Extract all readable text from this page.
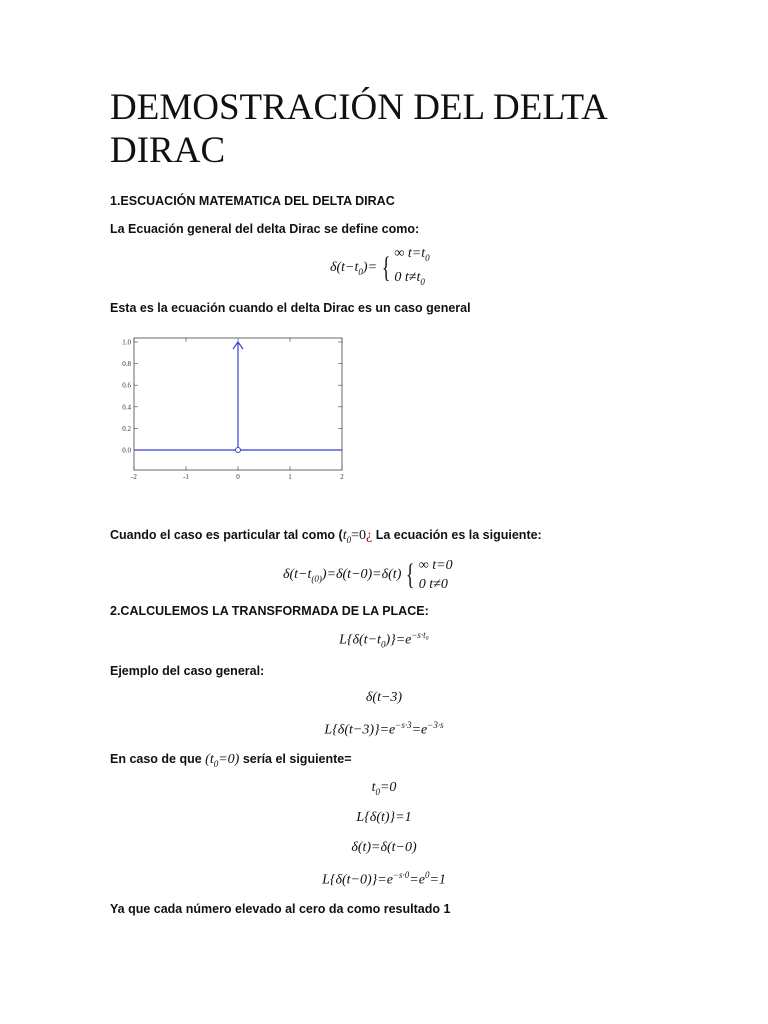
DEMOSTRACIÓN DEL DELTA DIRAC
1.ESCUACIÓN MATEMATICA DEL DELTA DIRAC
La Ecuación general del delta Dirac se define como:
$\delta(t-t_0)=$ { ∞ $t=t_0$
0 $t\ne t_0$
Esta es la ecuación cuando el delta Dirac es un caso general
1.0
0.8
0.6
0.4
0.2
0.0
-2	-1	0	1	2
Cuando el caso es particular tal como ($t_0=0¿$ La ecuación es la siguiente:
$\delta(t-t_{(0)})=\delta(t-0)=\delta(t)$ { ∞ t=0
0 t≠0
2.CALCULEMOS LA TRANSFORMADA DE LA PLACE:
$L\{\delta(t-t_0)\}=e^{-s\cdot t_0}$
Ejemplo del caso general:
δ(t−3)
$L\{\delta(t-3)\}=e^{-s\cdot 3}=e^{-3\cdot s}$
En caso de que $(t_0=0)$ sería el siguiente=
$t_0=0$
L{δ(t)}=1
δ(t)=δ(t−0)
$L\{\delta(t-0)\}=e^{-s\cdot 0}=e^0=1$
Ya que cada número elevado al cero da como resultado 1
